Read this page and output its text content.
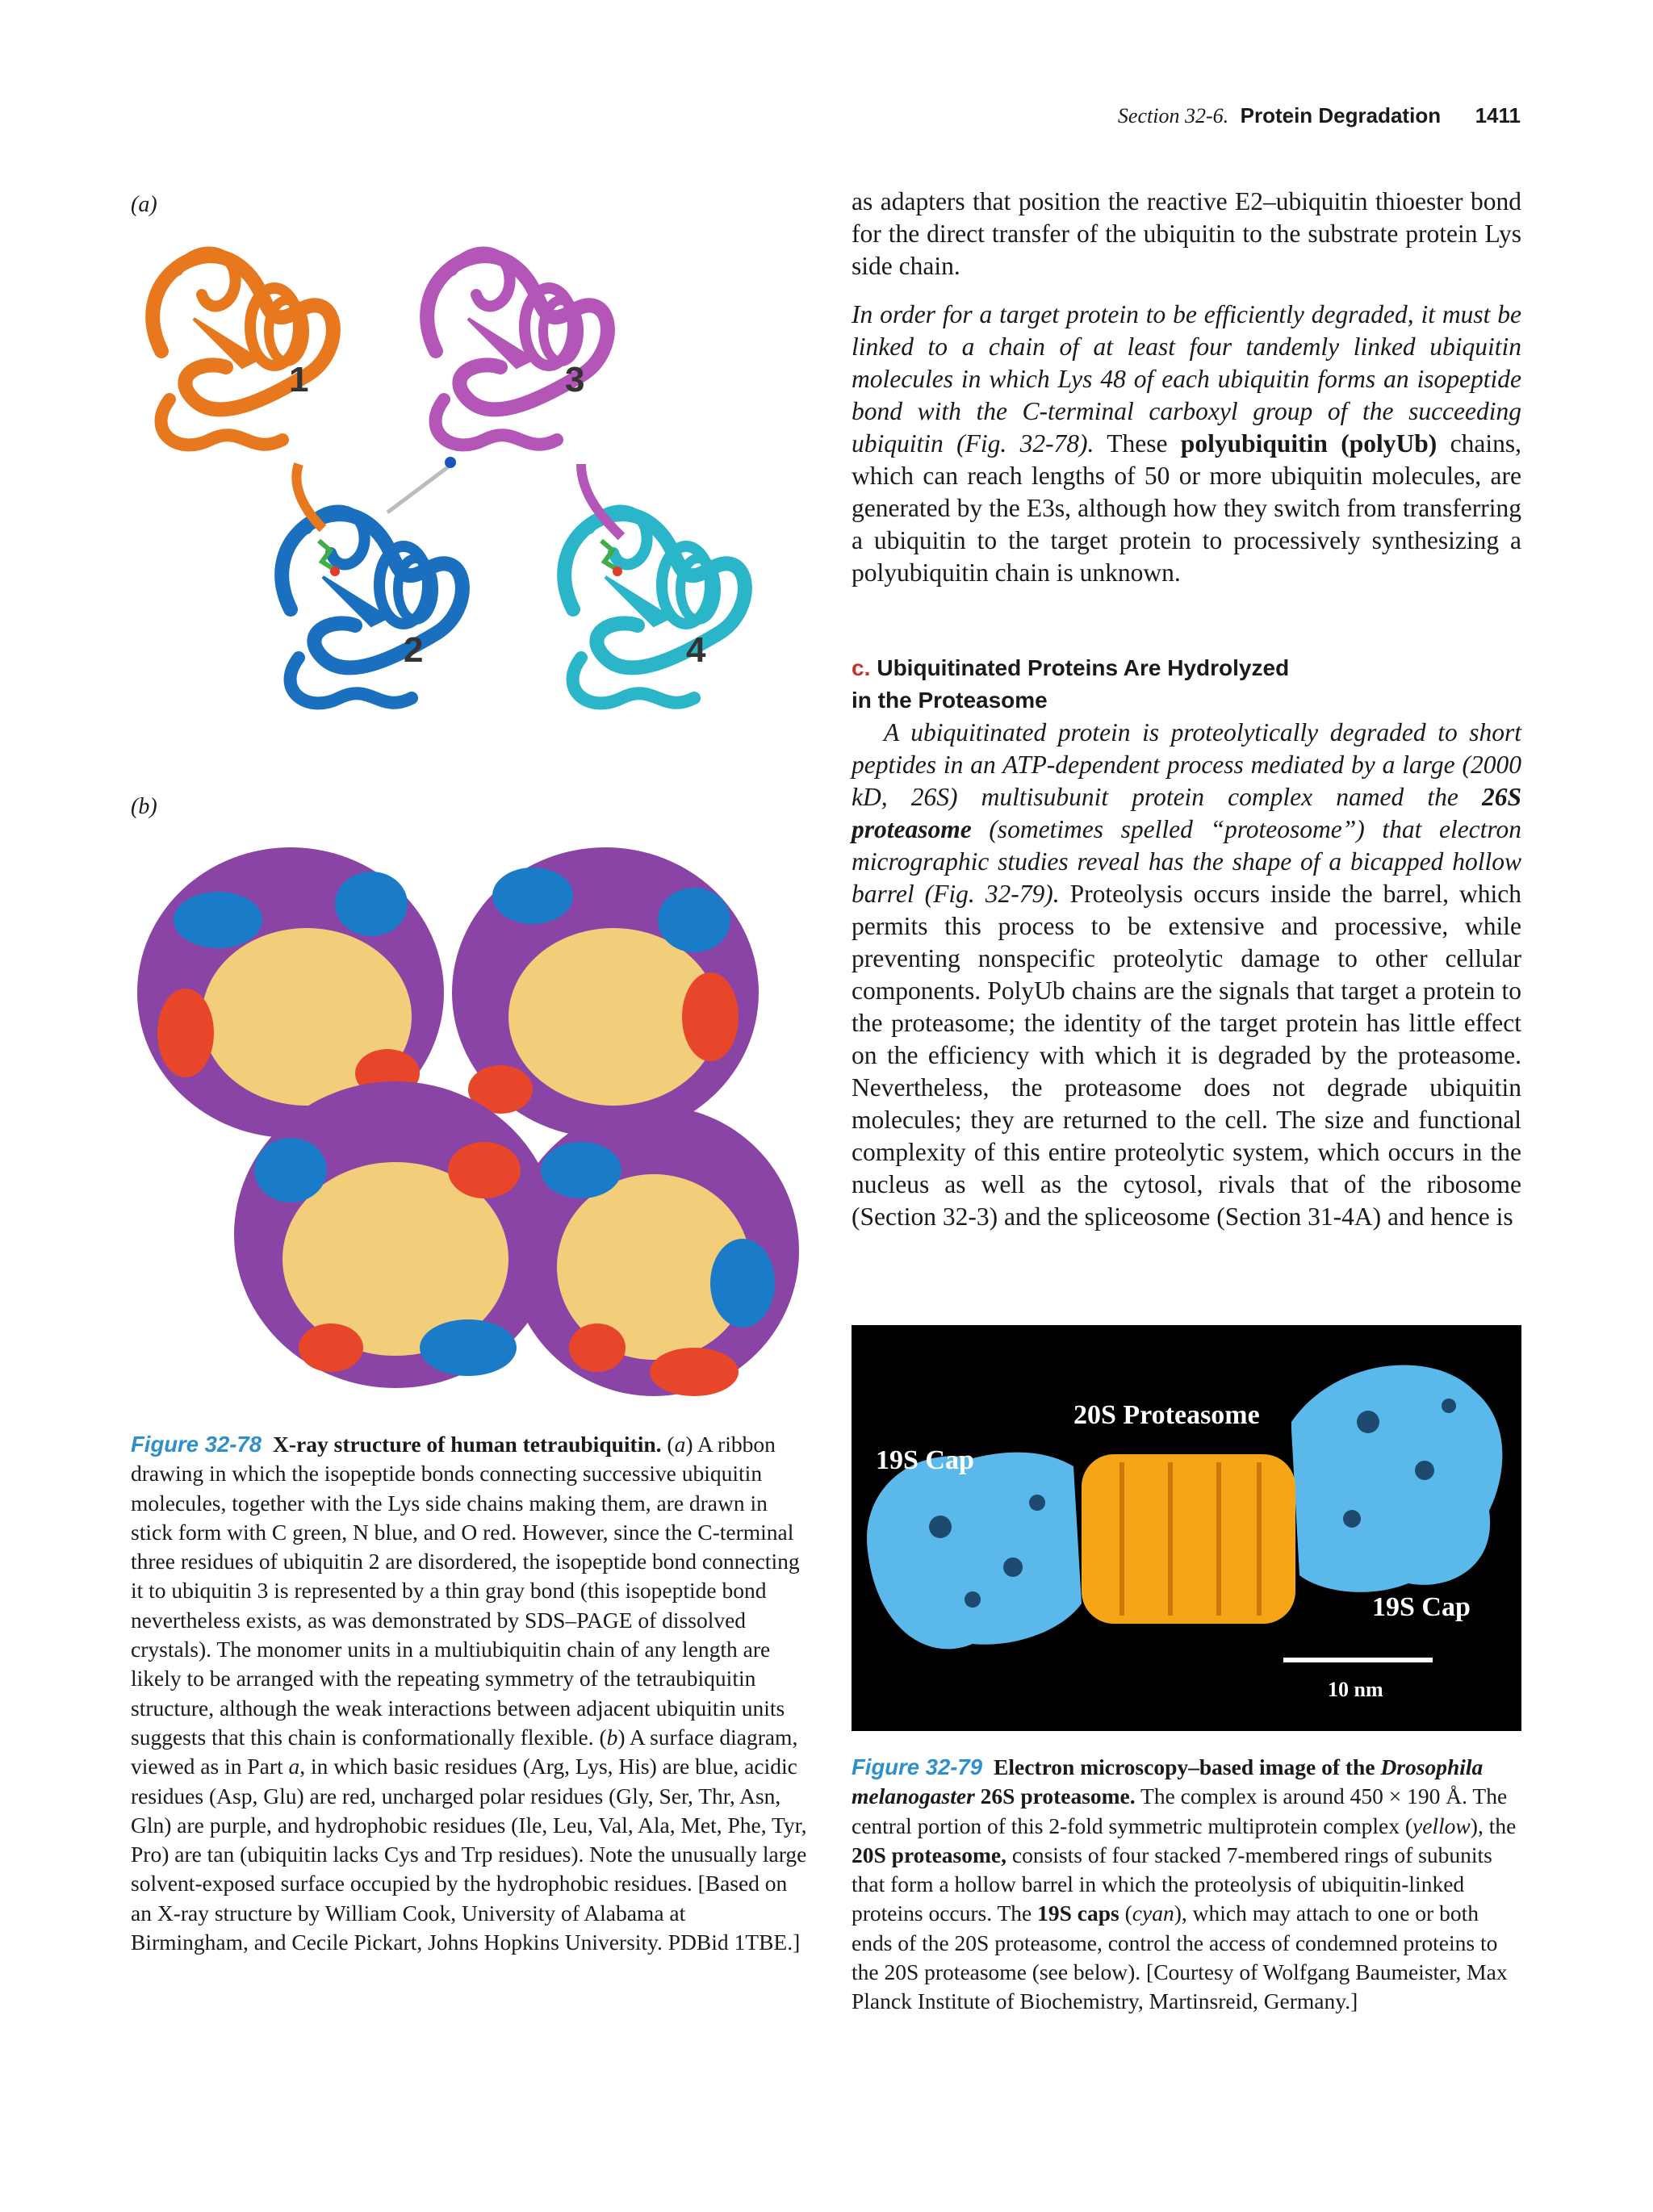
Section 32-6. Protein Degradation 1411

as adapters that position the reactive E2–ubiquitin thioester bond for the direct transfer of the ubiquitin to the substrate protein Lys side chain.

In order for a target protein to be efficiently degraded, it must be linked to a chain of at least four tandemly linked ubiquitin molecules in which Lys 48 of each ubiquitin forms an isopeptide bond with the C-terminal carboxyl group of the succeeding ubiquitin (Fig. 32-78). These polyubiquitin (polyUb) chains, which can reach lengths of 50 or more ubiquitin molecules, are generated by the E3s, although how they switch from transferring a ubiquitin to the target protein to processively synthesizing a polyubiquitin chain is unknown.

c. Ubiquitinated Proteins Are Hydrolyzed
in the Proteasome

A ubiquitinated protein is proteolytically degraded to short peptides in an ATP-dependent process mediated by a large (2000 kD, 26S) multisubunit protein complex named the 26S proteasome (sometimes spelled “proteosome”) that electron micrographic studies reveal has the shape of a bicapped hollow barrel (Fig. 32-79). Proteolysis occurs inside the barrel, which permits this process to be extensive and processive, while preventing nonspecific proteolytic damage to other cellular components. PolyUb chains are the signals that target a protein to the proteasome; the identity of the target protein has little effect on the efficiency with which it is degraded by the proteasome. Nevertheless, the proteasome does not degrade ubiquitin molecules; they are returned to the cell. The size and functional complexity of this entire proteolytic system, which occurs in the nucleus as well as the cytosol, rivals that of the ribosome (Section 32-3) and the spliceosome (Section 31-4A) and hence is

(a)
(b)
1
2
3
4
Figure 32-78 X-ray structure of human tetraubiquitin. (a) A ribbon drawing in which the isopeptide bonds connecting successive ubiquitin molecules, together with the Lys side chains making them, are drawn in stick form with C green, N blue, and O red. However, since the C-terminal three residues of ubiquitin 2 are disordered, the isopeptide bond connecting it to ubiquitin 3 is represented by a thin gray bond (this isopeptide bond nevertheless exists, as was demonstrated by SDS–PAGE of dissolved crystals). The monomer units in a multiubiquitin chain of any length are likely to be arranged with the repeating symmetry of the tetraubiquitin structure, although the weak interactions between adjacent ubiquitin units suggests that this chain is conformationally flexible. (b) A surface diagram, viewed as in Part a, in which basic residues (Arg, Lys, His) are blue, acidic residues (Asp, Glu) are red, uncharged polar residues (Gly, Ser, Thr, Asn, Gln) are purple, and hydrophobic residues (Ile, Leu, Val, Ala, Met, Phe, Tyr, Pro) are tan (ubiquitin lacks Cys and Trp residues). Note the unusually large solvent-exposed surface occupied by the hydrophobic residues. [Based on an X-ray structure by William Cook, University of Alabama at Birmingham, and Cecile Pickart, Johns Hopkins University. PDBid 1TBE.]
20S Proteasome
19S Cap
19S Cap
10 nm
Figure 32-79 Electron microscopy–based image of the Drosophila melanogaster 26S proteasome. The complex is around 450 × 190 Å. The central portion of this 2-fold symmetric multiprotein complex (yellow), the 20S proteasome, consists of four stacked 7-membered rings of subunits that form a hollow barrel in which the proteolysis of ubiquitin-linked proteins occurs. The 19S caps (cyan), which may attach to one or both ends of the 20S proteasome, control the access of condemned proteins to the 20S proteasome (see below). [Courtesy of Wolfgang Baumeister, Max Planck Institute of Biochemistry, Martinsreid, Germany.]
